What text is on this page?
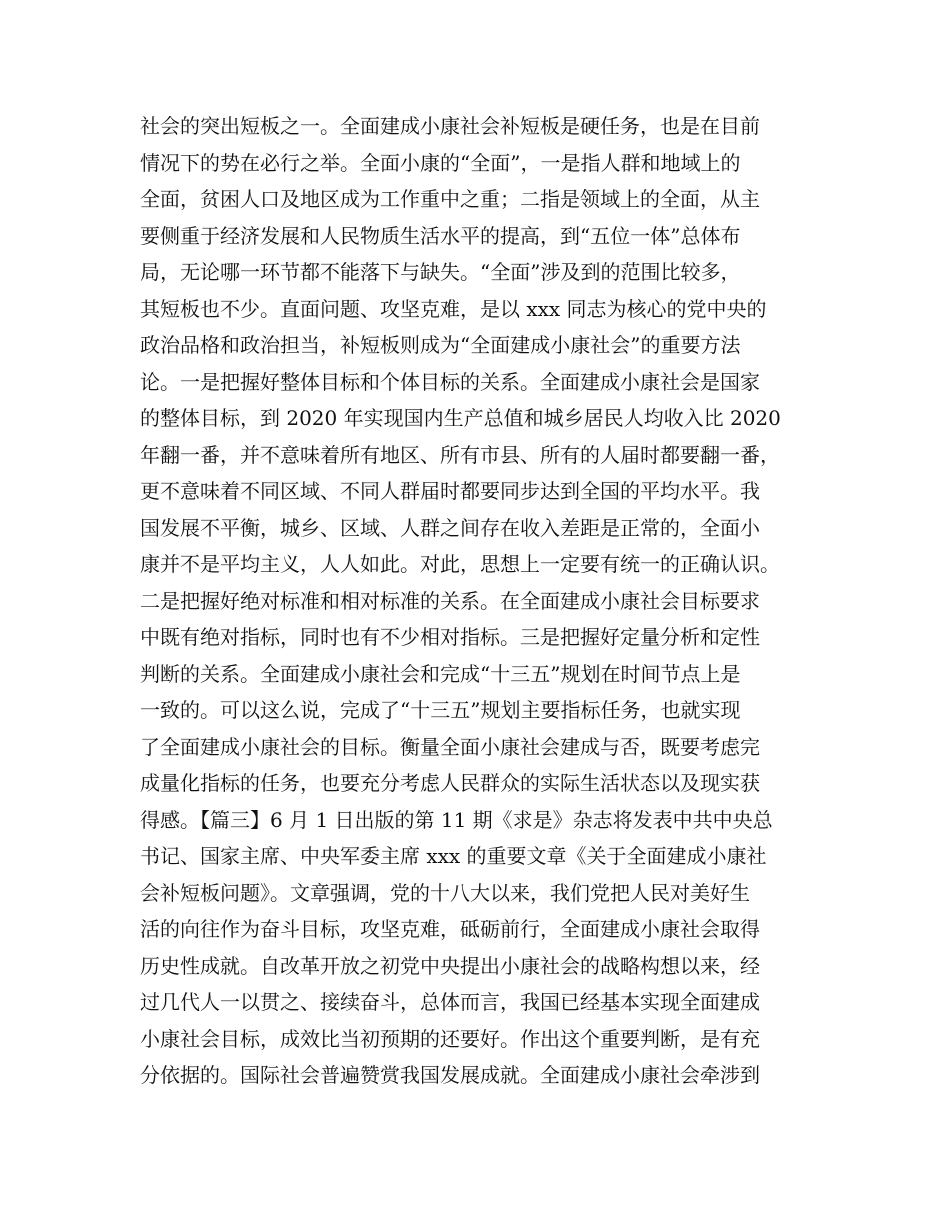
社会的突出短板之一。全面建成小康社会补短板是硬任务，也是在目前
情况下的势在必行之举。全面小康的“全面”，一是指人群和地域上的
全面，贫困人口及地区成为工作重中之重；二指是领域上的全面，从主
要侧重于经济发展和人民物质生活水平的提高，到“五位一体”总体布
局，无论哪一环节都不能落下与缺失。“全面”涉及到的范围比较多，
其短板也不少。直面问题、攻坚克难，是以 xxx 同志为核心的党中央的
政治品格和政治担当，补短板则成为“全面建成小康社会”的重要方法
论。一是把握好整体目标和个体目标的关系。全面建成小康社会是国家
的整体目标，到 2020 年实现国内生产总值和城乡居民人均收入比 2020
年翻一番，并不意味着所有地区、所有市县、所有的人届时都要翻一番，
更不意味着不同区域、不同人群届时都要同步达到全国的平均水平。我
国发展不平衡，城乡、区域、人群之间存在收入差距是正常的，全面小
康并不是平均主义，人人如此。对此，思想上一定要有统一的正确认识。
二是把握好绝对标准和相对标准的关系。在全面建成小康社会目标要求
中既有绝对指标，同时也有不少相对指标。三是把握好定量分析和定性
判断的关系。全面建成小康社会和完成“十三五”规划在时间节点上是
一致的。可以这么说，完成了“十三五”规划主要指标任务，也就实现
了全面建成小康社会的目标。衡量全面小康社会建成与否，既要考虑完
成量化指标的任务，也要充分考虑人民群众的实际生活状态以及现实获
得感。【篇三】6 月 1 日出版的第 11 期《求是》杂志将发表中共中央总
书记、国家主席、中央军委主席 xxx 的重要文章《关于全面建成小康社
会补短板问题》。文章强调，党的十八大以来，我们党把人民对美好生
活的向往作为奋斗目标，攻坚克难，砥砺前行，全面建成小康社会取得
历史性成就。自改革开放之初党中央提出小康社会的战略构想以来，经
过几代人一以贯之、接续奋斗，总体而言，我国已经基本实现全面建成
小康社会目标，成效比当初预期的还要好。作出这个重要判断，是有充
分依据的。国际社会普遍赞赏我国发展成就。全面建成小康社会牵涉到
